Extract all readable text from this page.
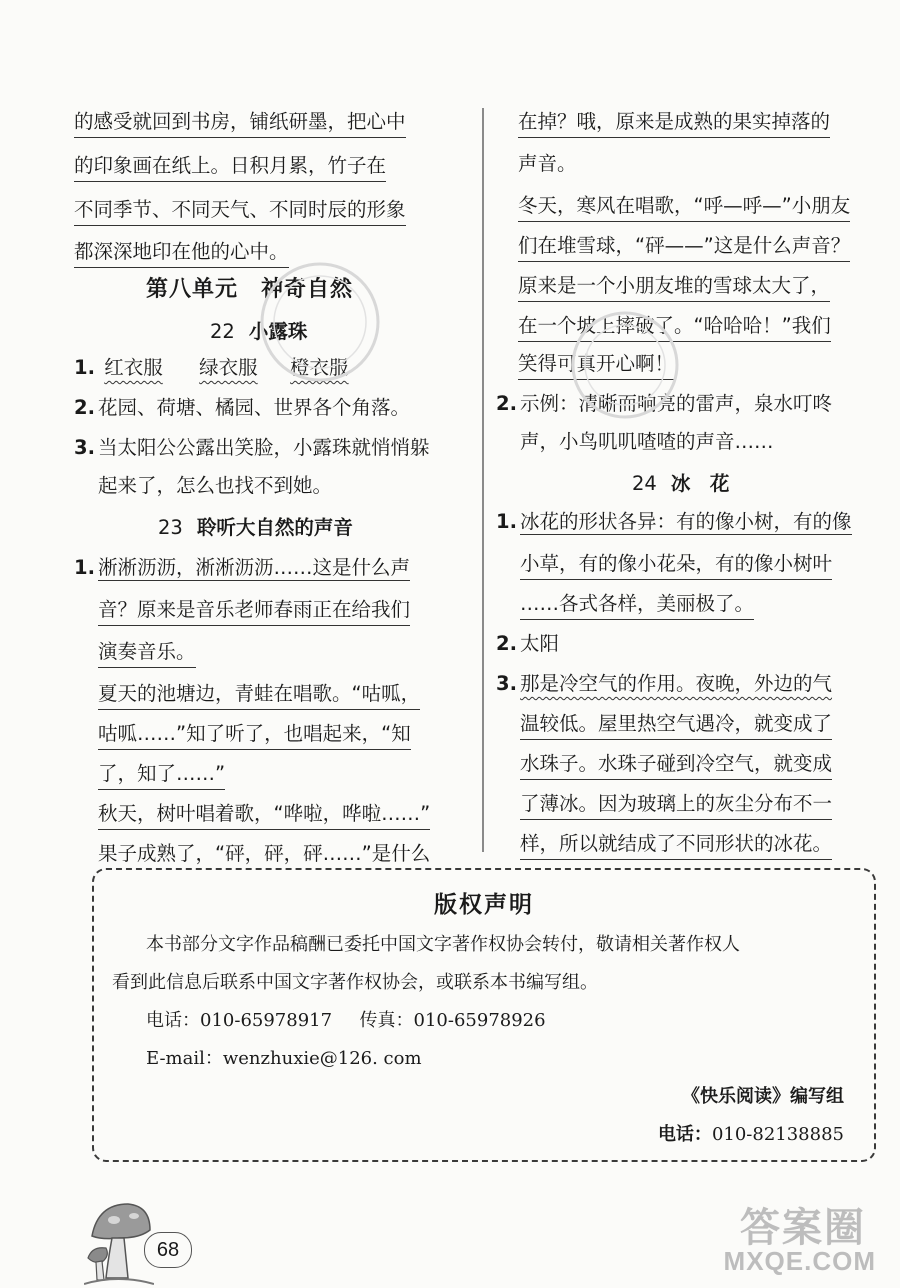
的感受就回到书房，铺纸研墨，把心中
的印象画在纸上。日积月累，竹子在
不同季节、不同天气、不同时辰的形象
都深深地印在他的心中。
第八单元　神奇自然
22 小露珠
1. 红衣服 绿衣服 橙衣服
2. 花园、荷塘、橘园、世界各个角落。
3. 当太阳公公露出笑脸，小露珠就悄悄躲
起来了，怎么也找不到她。
23 聆听大自然的声音
1. 淅淅沥沥，淅淅沥沥……这是什么声
音？原来是音乐老师春雨正在给我们
演奏音乐。
夏天的池塘边，青蛙在唱歌。“咕呱，
咕呱……”知了听了，也唱起来，“知
了，知了……”
秋天，树叶唱着歌，“哗啦，哗啦……”
果子成熟了，“砰，砰，砰……”是什么
在掉？哦，原来是成熟的果实掉落的
声音。
冬天，寒风在唱歌，“呼—呼—”小朋友
们在堆雪球，“砰——”这是什么声音？
原来是一个小朋友堆的雪球太大了，
在一个坡上摔破了。“哈哈哈！”我们
笑得可真开心啊！
2. 示例：清晰而响亮的雷声，泉水叮咚
声，小鸟叽叽喳喳的声音……
24 冰　花
1. 冰花的形状各异：有的像小树，有的像
小草，有的像小花朵，有的像小树叶
……各式各样，美丽极了。
2. 太阳
3. 那是冷空气的作用。夜晚，外边的气
温较低。屋里热空气遇冷，就变成了
水珠子。水珠子碰到冷空气，就变成
了薄冰。因为玻璃上的灰尘分布不一
样，所以就结成了不同形状的冰花。
版权声明
本书部分文字作品稿酬已委托中国文字著作权协会转付，敬请相关著作权人
看到此信息后联系中国文字著作权协会，或联系本书编写组。
电话：010-65978917 传真：010-65978926
E-mail：wenzhuxie@126. com
《快乐阅读》编写组
电话：010-82138885
68	答案圈
MXQE.COM
